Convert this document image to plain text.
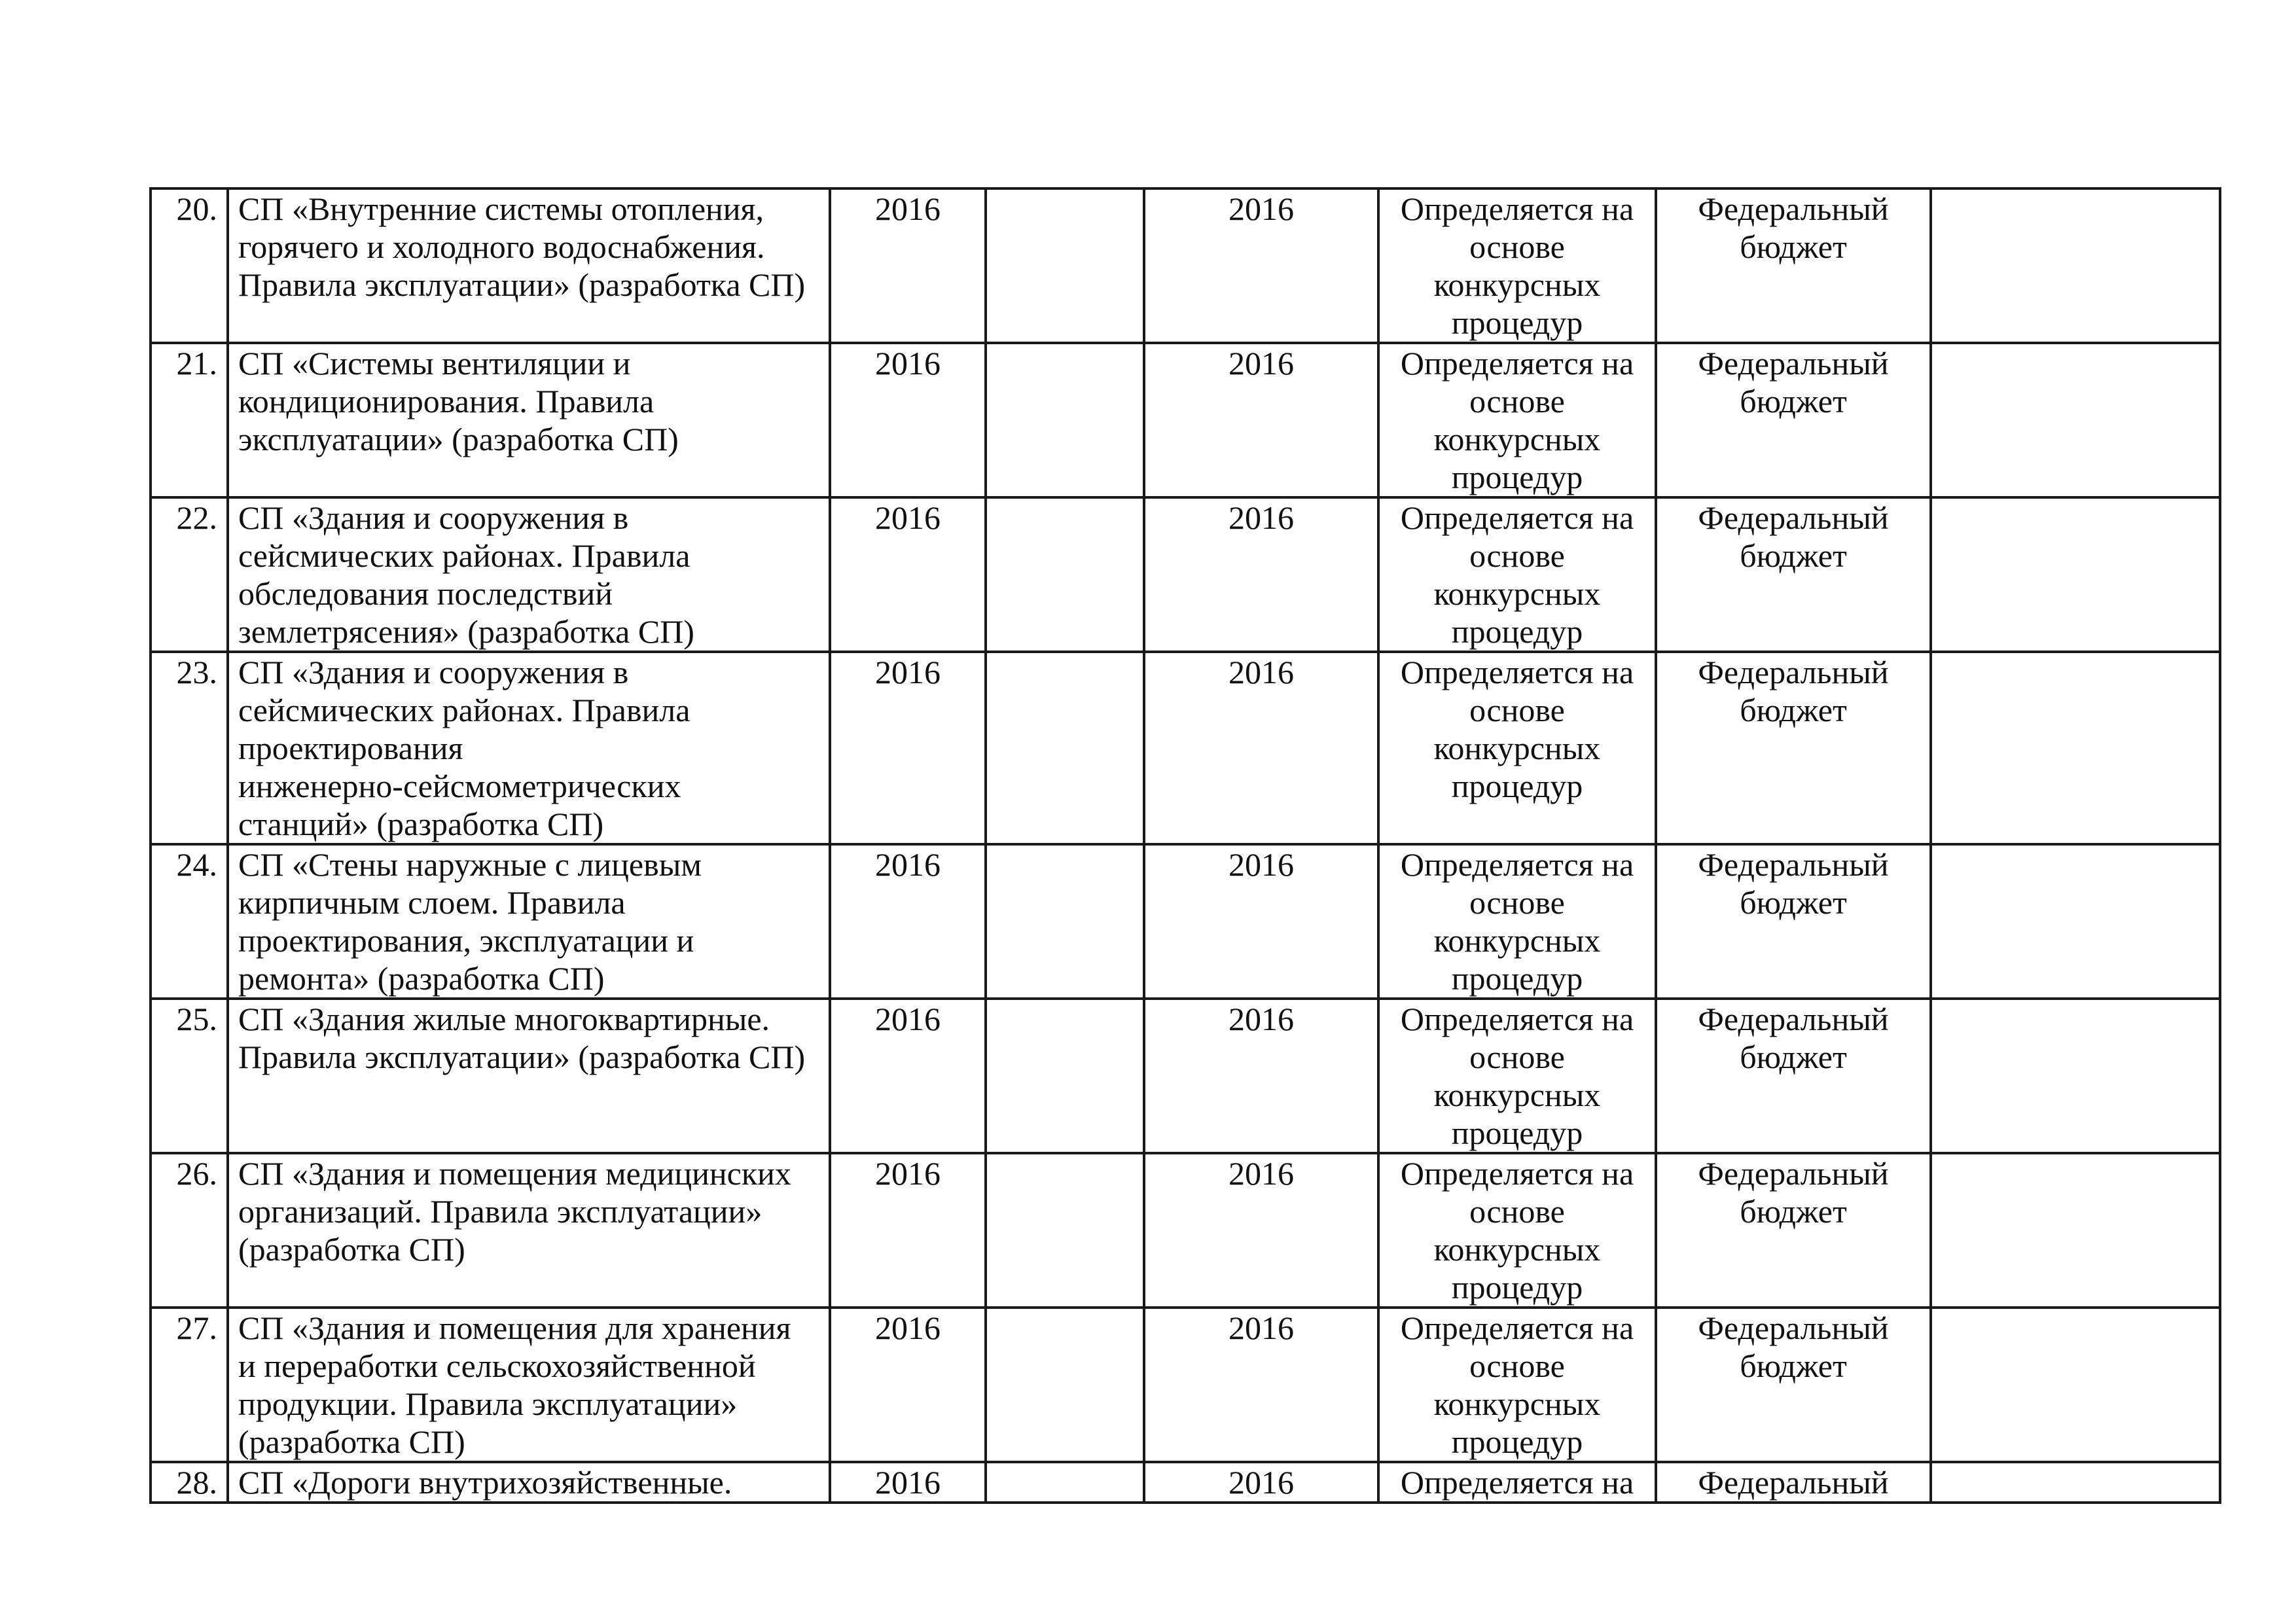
20.	СП «Внутренние системы отопления,
горячего и холодного водоснабжения.
Правила эксплуатации» (разработка СП)	2016		2016	Определяется на
основе
конкурсных
процедур	Федеральный
бюджет	
21.	СП «Системы вентиляции и
кондиционирования. Правила
эксплуатации» (разработка СП)	2016		2016	Определяется на
основе
конкурсных
процедур	Федеральный
бюджет	
22.	СП «Здания и сооружения в
сейсмических районах. Правила
обследования последствий
землетрясения» (разработка СП)	2016		2016	Определяется на
основе
конкурсных
процедур	Федеральный
бюджет	
23.	СП «Здания и сооружения в
сейсмических районах. Правила
проектирования
инженерно-сейсмометрических
станций» (разработка СП)	2016		2016	Определяется на
основе
конкурсных
процедур	Федеральный
бюджет	
24.	СП «Стены наружные с лицевым
кирпичным слоем. Правила
проектирования, эксплуатации и
ремонта» (разработка СП)	2016		2016	Определяется на
основе
конкурсных
процедур	Федеральный
бюджет	
25.	СП «Здания жилые многоквартирные.
Правила эксплуатации» (разработка СП)	2016		2016	Определяется на
основе
конкурсных
процедур	Федеральный
бюджет	
26.	СП «Здания и помещения медицинских
организаций. Правила эксплуатации»
(разработка СП)	2016		2016	Определяется на
основе
конкурсных
процедур	Федеральный
бюджет	
27.	СП «Здания и помещения для хранения
и переработки сельскохозяйственной
продукции. Правила эксплуатации»
(разработка СП)	2016		2016	Определяется на
основе
конкурсных
процедур	Федеральный
бюджет	
28.	СП «Дороги внутрихозяйственные.	2016		2016	Определяется на	Федеральный	
